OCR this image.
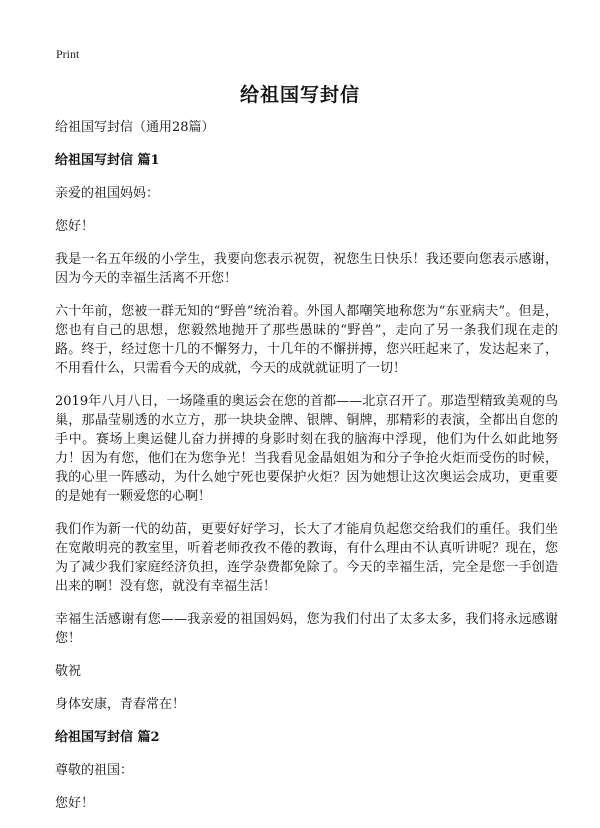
Print
给祖国写封信

给祖国写封信（通用28篇）

给祖国写封信 篇1

亲爱的祖国妈妈：

您好！

我是一名五年级的小学生，我要向您表示祝贺，祝您生日快乐！我还要向您表示感谢，因为今天的幸福生活离不开您！

六十年前，您被一群无知的“野兽”统治着。外国人都嘲笑地称您为“东亚病夫”。但是，您也有自己的思想，您毅然地抛开了那些愚昧的“野兽”，走向了另一条我们现在走的路。终于，经过您十几的不懈努力，十几年的不懈拼搏，您兴旺起来了，发达起来了，不用看什么，只需看今天的成就，今天的成就就证明了一切！

2019年八月八日，一场隆重的奥运会在您的首都——北京召开了。那造型精致美观的鸟巢，那晶莹剔透的水立方，那一块块金牌、银牌、铜牌，那精彩的表演，全都出自您的手中。赛场上奥运健儿奋力拼搏的身影时刻在我的脑海中浮现，他们为什么如此地努力！因为有您，他们在为您争光！当我看见金晶姐姐为和分子争抢火炬而受伤的时候，我的心里一阵感动，为什么她宁死也要保护火炬？因为她想让这次奥运会成功，更重要的是她有一颗爱您的心啊！

我们作为新一代的幼苗，更要好好学习，长大了才能肩负起您交给我们的重任。我们坐在宽敞明亮的教室里，听着老师孜孜不倦的教诲，有什么理由不认真听讲呢？现在，您为了减少我们家庭经济负担，连学杂费都免除了。今天的幸福生活，完全是您一手创造出来的啊！没有您，就没有幸福生活！

幸福生活感谢有您——我亲爱的祖国妈妈，您为我们付出了太多太多，我们将永远感谢您！

敬祝

身体安康，青春常在！

给祖国写封信 篇2

尊敬的祖国：

您好！
